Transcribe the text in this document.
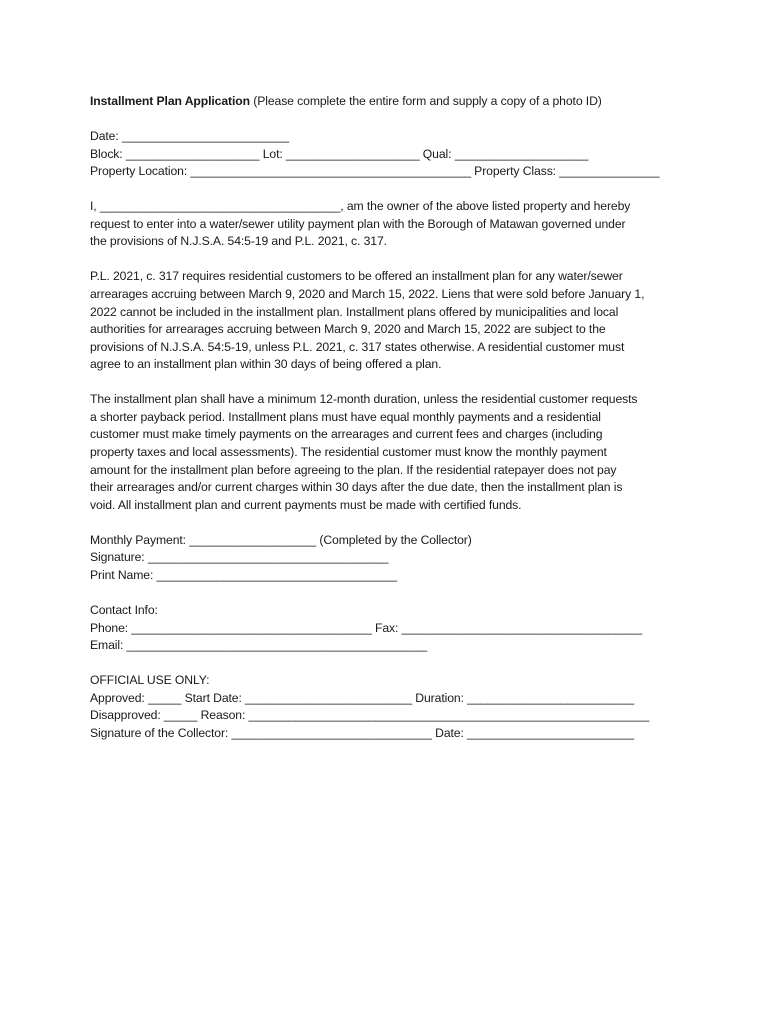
Installment Plan Application (Please complete the entire form and supply a copy of a photo ID)
Date: _________________________
Block: ____________________ Lot: ____________________ Qual: ____________________
Property Location: __________________________________________ Property Class: _______________

I, ____________________________________, am the owner of the above listed property and hereby
request to enter into a water/sewer utility payment plan with the Borough of Matawan governed under
the provisions of N.J.S.A. 54:5-19 and P.L. 2021, c. 317.

P.L. 2021, c. 317 requires residential customers to be offered an installment plan for any water/sewer
arrearages accruing between March 9, 2020 and March 15, 2022. Liens that were sold before January 1,
2022 cannot be included in the installment plan. Installment plans offered by municipalities and local
authorities for arrearages accruing between March 9, 2020 and March 15, 2022 are subject to the
provisions of N.J.S.A. 54:5-19, unless P.L. 2021, c. 317 states otherwise. A residential customer must
agree to an installment plan within 30 days of being offered a plan.

The installment plan shall have a minimum 12-month duration, unless the residential customer requests
a shorter payback period. Installment plans must have equal monthly payments and a residential
customer must make timely payments on the arrearages and current fees and charges (including
property taxes and local assessments). The residential customer must know the monthly payment
amount for the installment plan before agreeing to the plan. If the residential ratepayer does not pay
their arrearages and/or current charges within 30 days after the due date, then the installment plan is
void. All installment plan and current payments must be made with certified funds.

Monthly Payment: ___________________ (Completed by the Collector)
Signature: ____________________________________
Print Name: ____________________________________
Contact Info:
Phone: ____________________________________ Fax: ____________________________________
Email: _____________________________________________
OFFICIAL USE ONLY:
Approved: _____ Start Date: _________________________ Duration: _________________________
Disapproved: _____ Reason: ____________________________________________________________
Signature of the Collector: ______________________________ Date: _________________________
